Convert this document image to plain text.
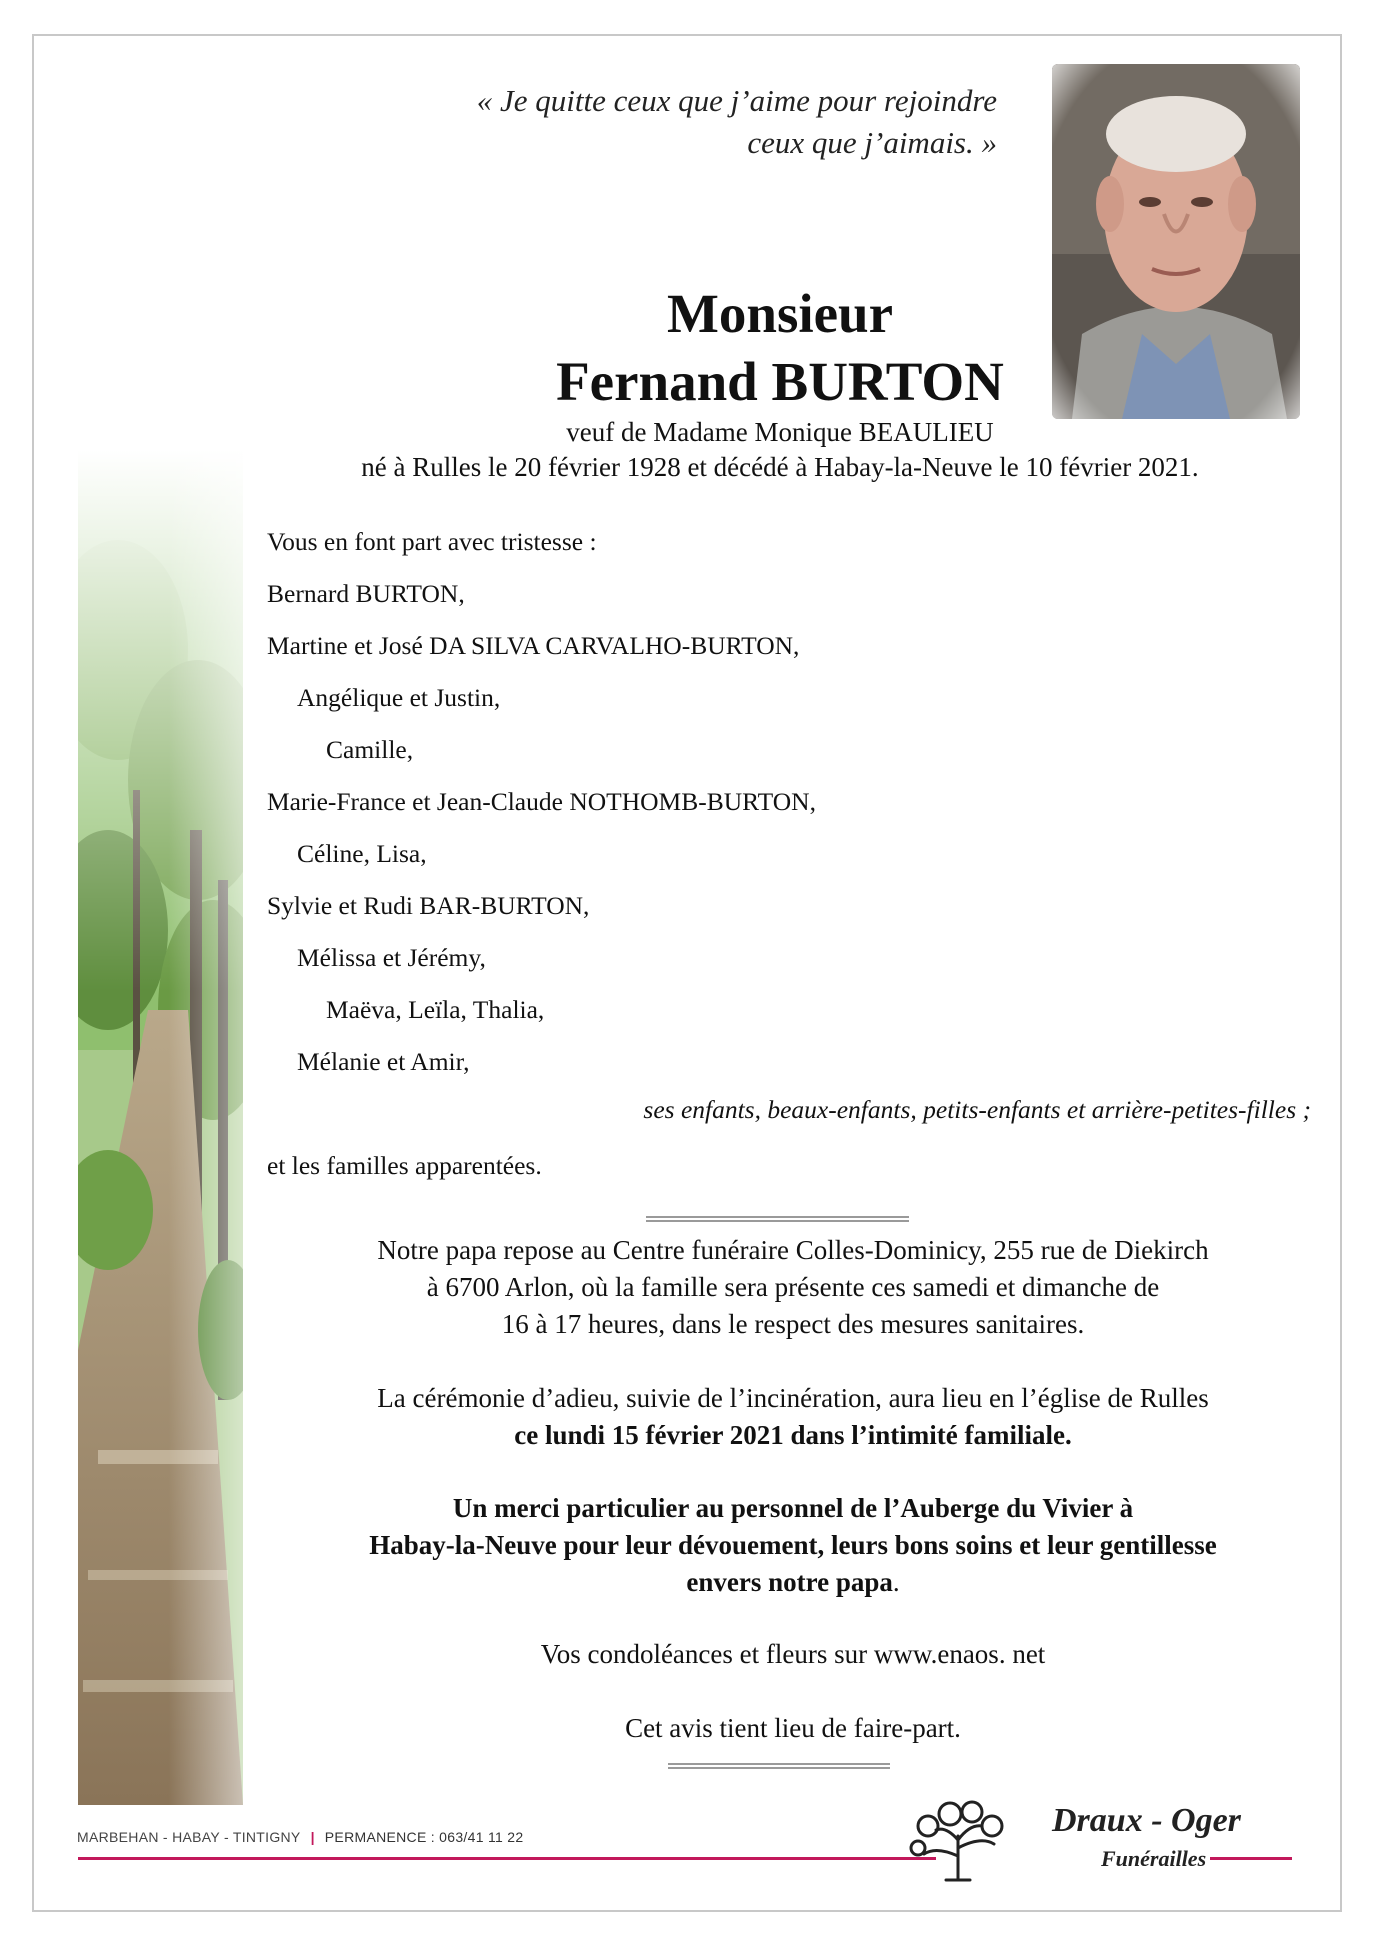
« Je quitte ceux que j’aime pour rejoindre
ceux que j’aimais. »
Monsieur
Fernand BURTON
veuf de Madame Monique BEAULIEU
né à Rulles le 20 février 1928 et décédé à Habay-la-Neuve le 10 février 2021.
Vous en font part avec tristesse :
Bernard BURTON,
Martine et José DA SILVA CARVALHO-BURTON,
Angélique et Justin,
Camille,
Marie-France et Jean-Claude NOTHOMB-BURTON,
Céline, Lisa,
Sylvie et Rudi BAR-BURTON,
Mélissa et Jérémy,
Maëva, Leïla, Thalia,
Mélanie et Amir,
ses enfants, beaux-enfants, petits-enfants et arrière-petites-filles ;
et les familles apparentées.
Notre papa repose au Centre funéraire Colles-Dominicy, 255 rue de Diekirch
à 6700 Arlon, où la famille sera présente ces samedi et dimanche de
16 à 17 heures, dans le respect des mesures sanitaires.
La cérémonie d’adieu, suivie de l’incinération, aura lieu en l’église de Rulles
ce lundi 15 février 2021 dans l’intimité familiale.
Un merci particulier au personnel de l’Auberge du Vivier à
Habay-la-Neuve pour leur dévouement, leurs bons soins et leur gentillesse
envers notre papa.
Vos condoléances et fleurs sur www.enaos. net
Cet avis tient lieu de faire-part.
MARBEHAN - HABAY - TINTIGNY | PERMANENCE : 063/41 11 22	Draux - Oger
Funérailles
